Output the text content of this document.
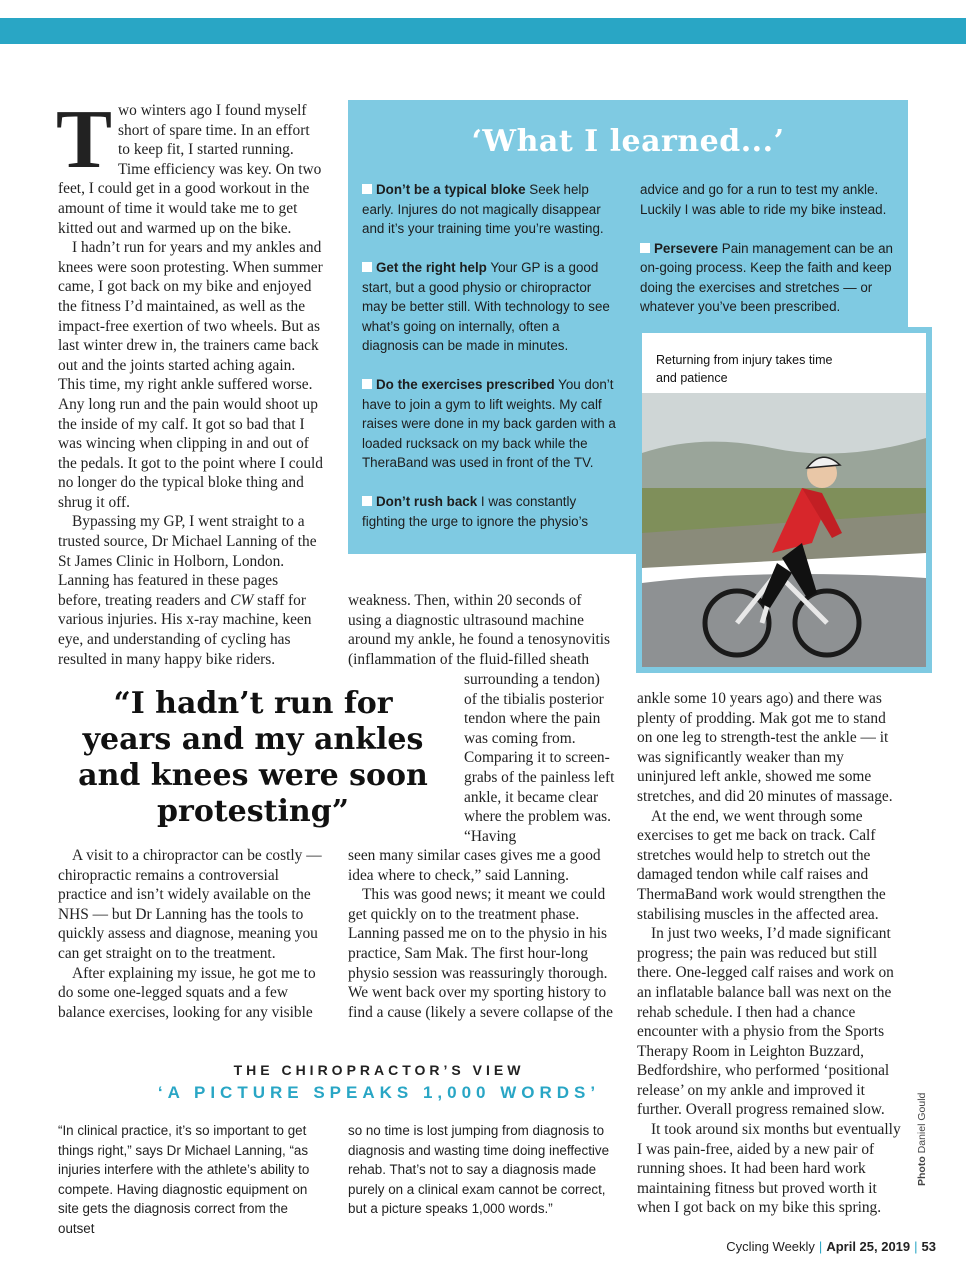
Two winters ago I found myself short of spare time. In an effort to keep fit, I started running. Time efficiency was key. On two feet, I could get in a good workout in the amount of time it would take me to get kitted out and warmed up on the bike.

I hadn’t run for years and my ankles and knees were soon protesting. When summer came, I got back on my bike and enjoyed the fitness I’d maintained, as well as the impact-free exertion of two wheels. But as last winter drew in, the trainers came back out and the joints started aching again. This time, my right ankle suffered worse. Any long run and the pain would shoot up the inside of my calf. It got so bad that I was wincing when clipping in and out of the pedals. It got to the point where I could no longer do the typical bloke thing and shrug it off.

Bypassing my GP, I went straight to a trusted source, Dr Michael Lanning of the St James Clinic in Holborn, London. Lanning has featured in these pages before, treating readers and CW staff for various injuries. His x-ray machine, keen eye, and understanding of cycling has resulted in many happy bike riders.

‘What I learned...’
Don’t be a typical bloke Seek help early. Injures do not magically disappear and it’s your training time you’re wasting.
Get the right help Your GP is a good start, but a good physio or chiropractor may be better still. With technology to see what’s going on internally, often a diagnosis can be made in minutes.
Do the exercises prescribed You don’t have to join a gym to lift weights. My calf raises were done in my back garden with a loaded rucksack on my back while the TheraBand was used in front of the TV.
Don’t rush back I was constantly fighting the urge to ignore the physio’s
advice and go for a run to test my ankle. Luckily I was able to ride my bike instead.
Persevere Pain management can be an on-going process. Keep the faith and keep doing the exercises and stretches — or whatever you’ve been prescribed.
Returning from injury takes time and patience
“I hadn’t run for years and my ankles and knees were soon protesting”

weakness. Then, within 20 seconds of using a diagnostic ultrasound machine around my ankle, he found a tenosynovitis (inflammation of the fluid-filled sheath

surrounding a tendon) of the tibialis posterior tendon where the pain was coming from. Comparing it to screen-grabs of the painless left ankle, it became clear where the problem was. “Having

seen many similar cases gives me a good idea where to check,” said Lanning.

This was good news; it meant we could get quickly on to the treatment phase. Lanning passed me on to the physio in his practice, Sam Mak. The first hour-long physio session was reassuringly thorough. We went back over my sporting history to find a cause (likely a severe collapse of the

A visit to a chiropractor can be costly — chiropractic remains a controversial practice and isn’t widely available on the NHS — but Dr Lanning has the tools to quickly assess and diagnose, meaning you can get straight on to the treatment.

After explaining my issue, he got me to do some one-legged squats and a few balance exercises, looking for any visible

ankle some 10 years ago) and there was plenty of prodding. Mak got me to stand on one leg to strength-test the ankle — it was significantly weaker than my uninjured left ankle, showed me some stretches, and did 20 minutes of massage.

At the end, we went through some exercises to get me back on track. Calf stretches would help to stretch out the damaged tendon while calf raises and ThermaBand work would strengthen the stabilising muscles in the affected area.

In just two weeks, I’d made significant progress; the pain was reduced but still there. One-legged calf raises and work on an inflatable balance ball was next on the rehab schedule. I then had a chance encounter with a physio from the Sports Therapy Room in Leighton Buzzard, Bedfordshire, who performed ‘positional release’ on my ankle and improved it further. Overall progress remained slow.

It took around six months but eventually I was pain-free, aided by a new pair of running shoes. It had been hard work maintaining fitness but proved worth it when I got back on my bike this spring.

THE CHIROPRACTOR’S VIEW
‘A PICTURE SPEAKS 1,000 WORDS’
“In clinical practice, it’s so important to get things right,” says Dr Michael Lanning, “as injuries interfere with the athlete’s ability to compete. Having diagnostic equipment on site gets the diagnosis correct from the outset
so no time is lost jumping from diagnosis to diagnosis and wasting time doing ineffective rehab. That’s not to say a diagnosis made purely on a clinical exam cannot be correct, but a picture speaks 1,000 words.”
Photo Daniel Gould
Cycling Weekly | April 25, 2019 | 53
